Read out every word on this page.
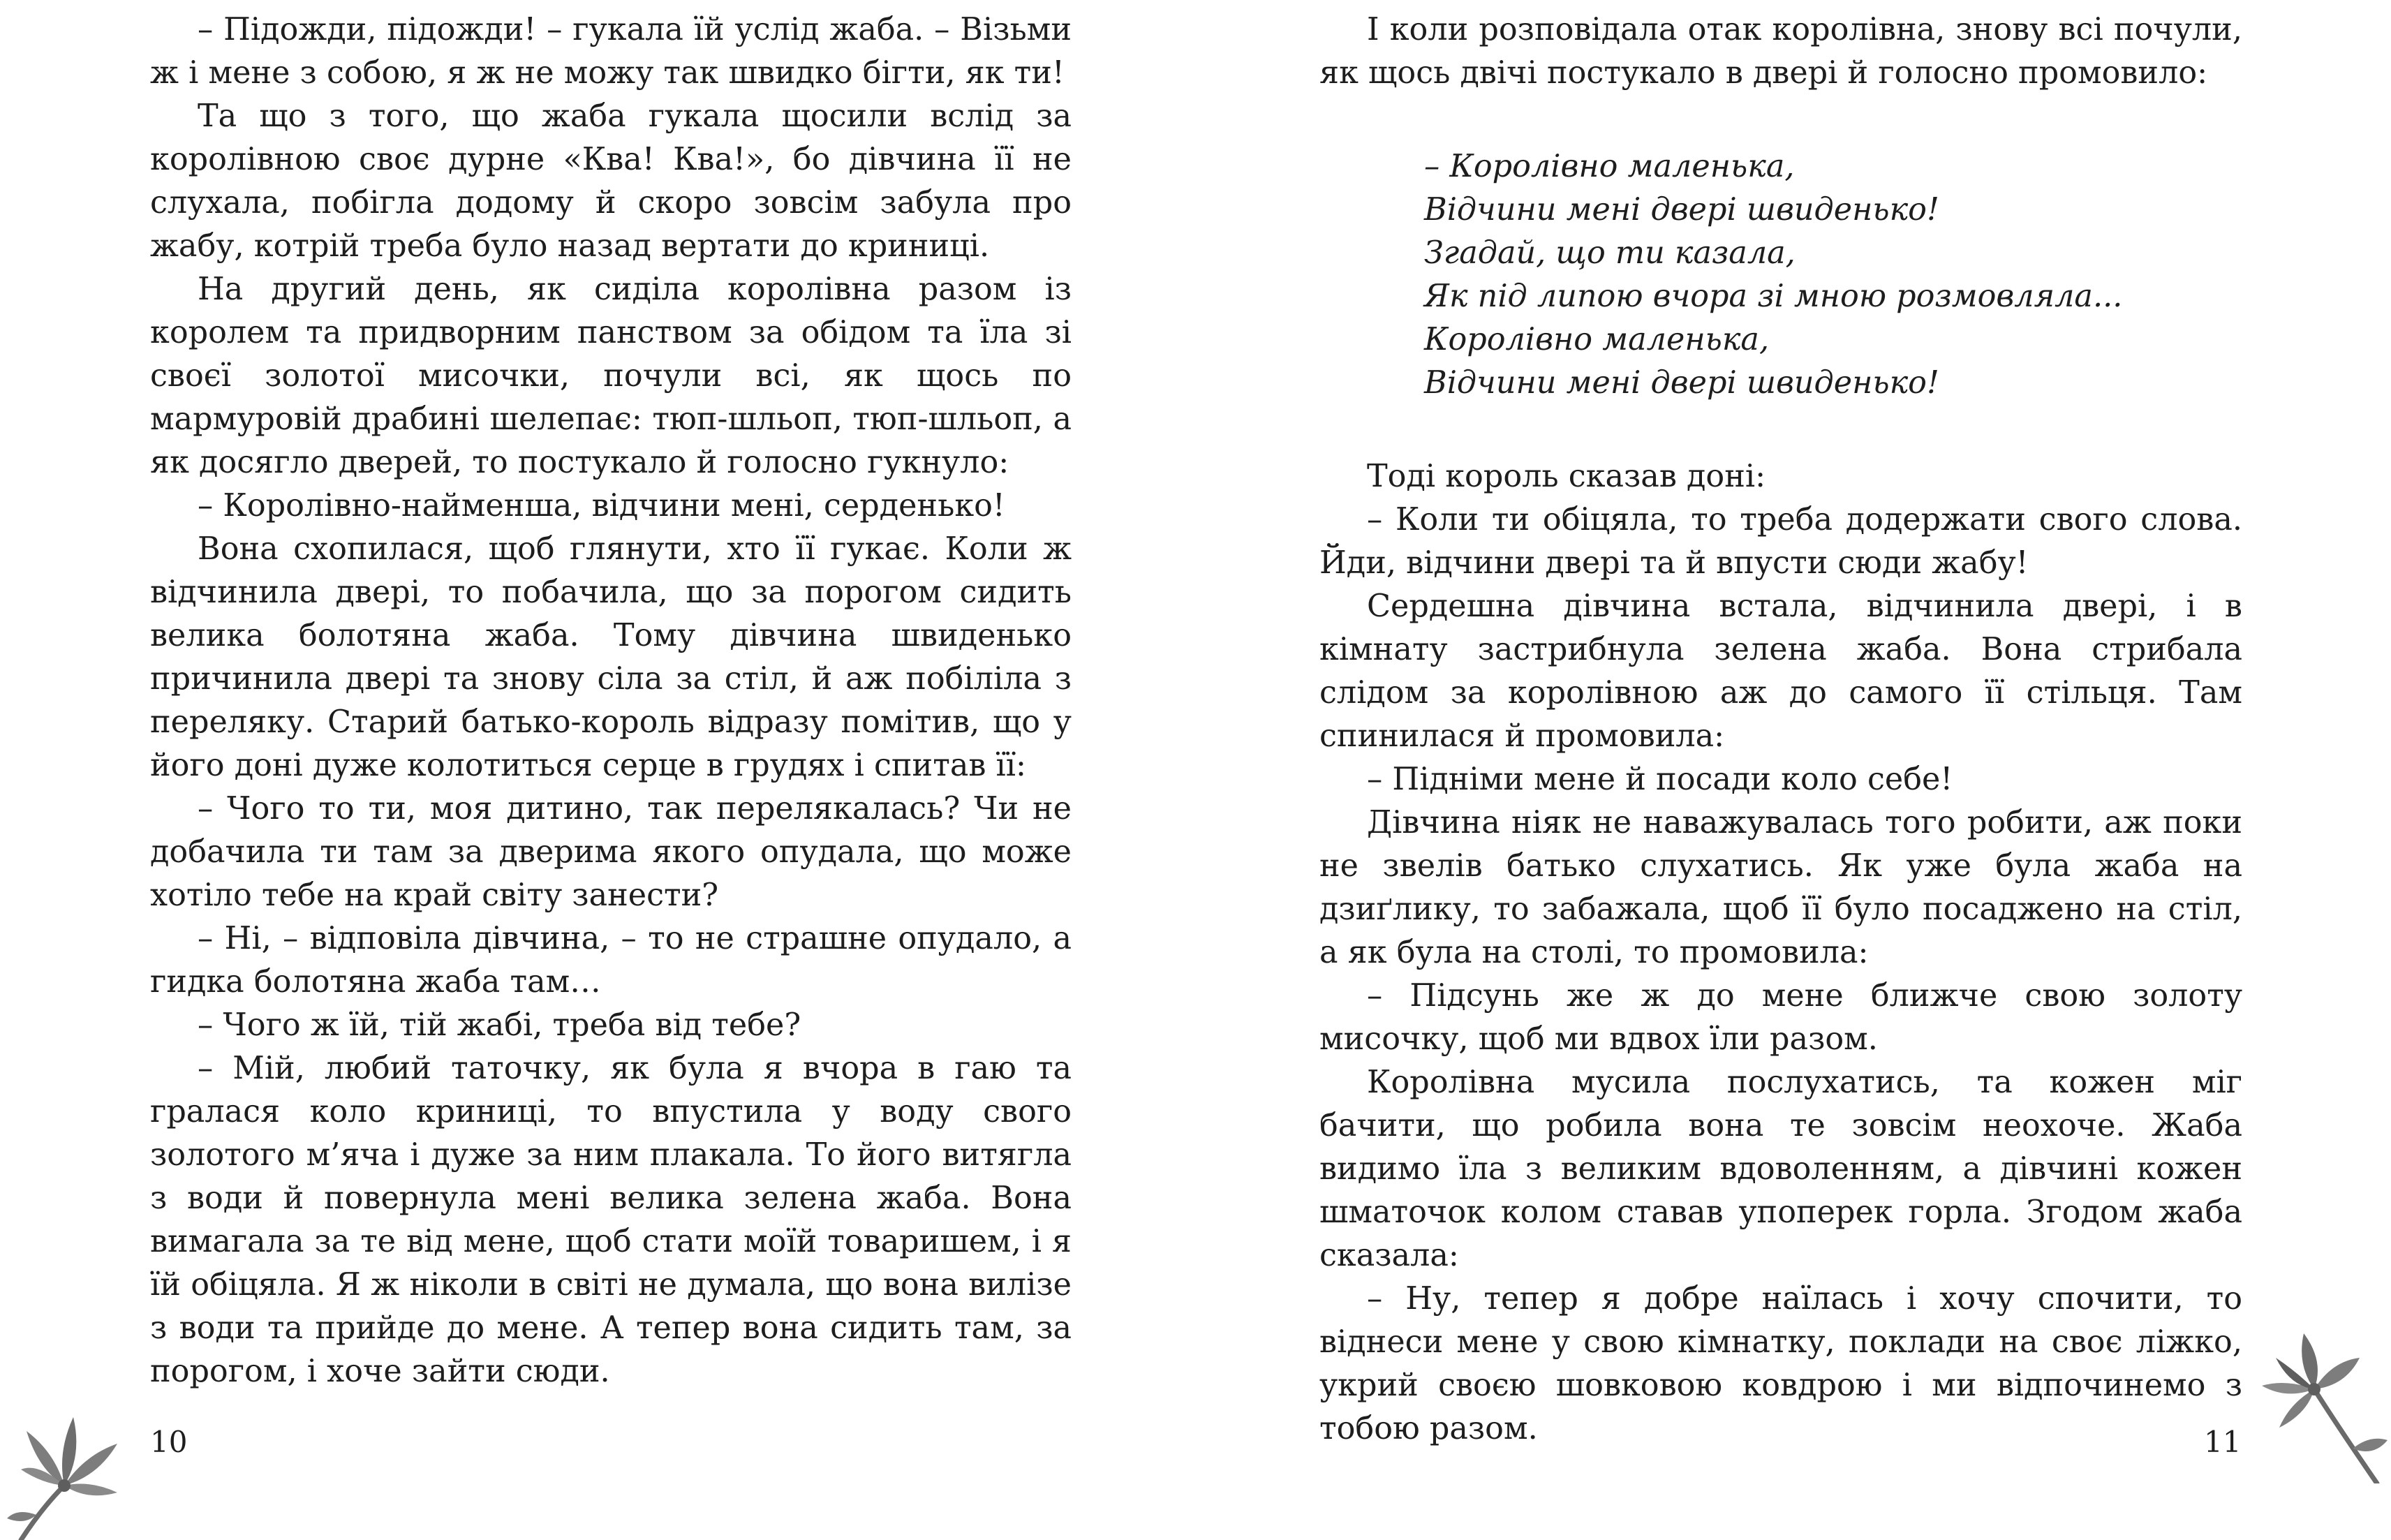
– Підожди, підожди! – гукала їй услід жаба. – Візьми ж і мене з собою, я ж не можу так швидко бігти, як ти!

Та що з того, що жаба гукала щосили вслід за королівною своє дурне «Ква! Ква!», бо дівчина її не слухала, побігла додому й скоро зовсім забула про жабу, котрій треба було назад вертати до криниці.

На другий день, як сиділа королівна разом із королем та придворним панством за обідом та їла зі своєї золотої мисочки, почули всі, як щось по мармуровій драбині шелепає: тюп-шльоп, тюп-шльоп, а як досягло дверей, то постукало й голосно гукнуло:

– Королівно-найменша, відчини мені, серденько!

Вона схопилася, щоб глянути, хто її гукає. Коли ж відчинила двері, то побачила, що за порогом сидить велика болотяна жаба. Тому дівчина швиденько причинила двері та знову сіла за стіл, й аж побіліла з переляку. Старий батько-король відразу помітив, що у його доні дуже колотиться серце в грудях і спитав її:

– Чого то ти, моя дитино, так перелякалась? Чи не добачила ти там за дверима якого опудалa, що може хотіло тебе на край світу занести?

– Ні, – відповіла дівчина, – то не страшне опудало, а гидка болотяна жаба там…

– Чого ж їй, тій жабі, треба від тебе?

– Мій, любий таточку, як була я вчора в гаю та гралася коло криниці, то впустила у воду свого золотого м’яча і дуже за ним плакала. То його витягла з води й повернула мені велика зелена жаба. Вона вимагала за те від мене, щоб стати моїй товаришем, і я їй обіцяла. Я ж ніколи в світі не думала, що вона вилізе з води та прийде до мене. А тепер вона сидить там, за порогом, і хоче зайти сюди.

10

І коли розповідала отак королівна, знову всі почули, як щось двічі постукало в двері й голосно промовило:

– Королівно маленька,
Відчини мені двері швиденько!
Згадай, що ти казала,
Як під липою вчора зі мною розмовляла...
Королівно маленька,
Відчини мені двері швиденько!

Тоді король сказав доні:

– Коли ти обіцяла, то треба додержати свого слова. Йди, відчини двері та й впусти сюди жабу!

Сердешна дівчина встала, відчинила двері, і в кімнату застрибнула зелена жаба. Вона стрибала слідом за королівною аж до самого її стільця. Там спинилася й промовила:

– Підніми мене й посади коло себе!

Дівчина ніяк не наважувалась того робити, аж поки не звелів батько слухатись. Як уже була жаба на дзиґлику, то забажала, щоб її було посаджено на стіл, а як була на столі, то промовила:

– Підсунь же ж до мене ближче свою золоту мисочку, щоб ми вдвох їли разом.

Королівна мусила послухатись, та кожен міг бачити, що робила вона те зовсім неохоче. Жаба видимо їла з великим вдоволенням, а дівчині кожен шматочок колом ставав упоперек горла. Згодом жаба сказала:

– Ну, тепер я добре наїлась і хочу спочити, то віднеси мене у свою кімнатку, поклади на своє ліжко, укрий своєю шовковою ковдрою і ми відпочинемо з тобою разом.	11
